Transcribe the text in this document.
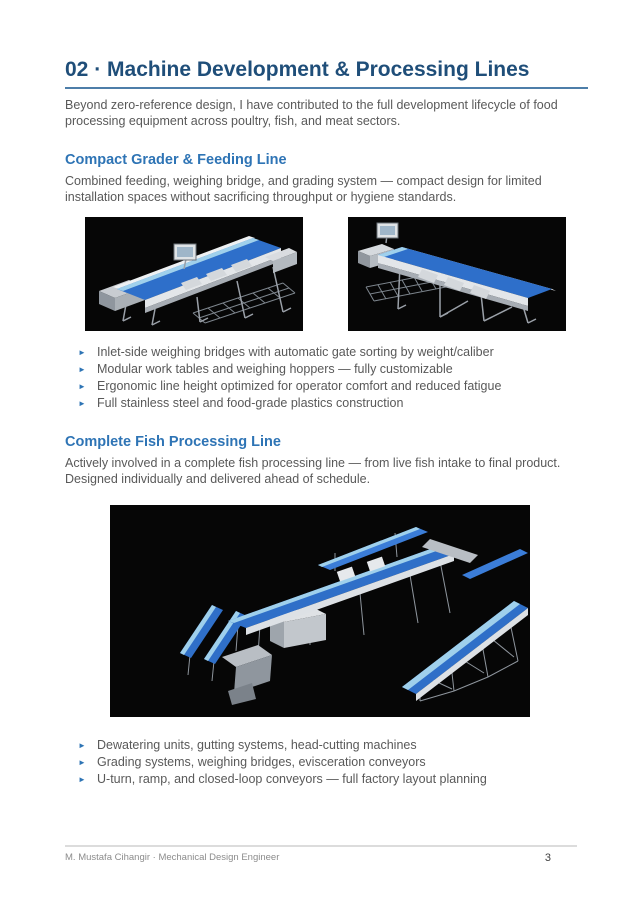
02 · Machine Development & Processing Lines

Beyond zero-reference design, I have contributed to the full development lifecycle of food processing equipment across poultry, fish, and meat sectors.

Compact Grader & Feeding Line

Combined feeding, weighing bridge, and grading system — compact design for limited installation spaces without sacrificing throughput or hygiene standards.

► Inlet-side weighing bridges with automatic gate sorting by weight/caliber
► Modular work tables and weighing hoppers — fully customizable
► Ergonomic line height optimized for operator comfort and reduced fatigue
► Full stainless steel and food-grade plastics construction
Complete Fish Processing Line

Actively involved in a complete fish processing line — from live fish intake to final product. Designed individually and delivered ahead of schedule.

► Dewatering units, gutting systems, head-cutting machines
► Grading systems, weighing bridges, evisceration conveyors
► U-turn, ramp, and closed-loop conveyors — full factory layout planning
M. Mustafa Cihangir · Mechanical Design Engineer	3
